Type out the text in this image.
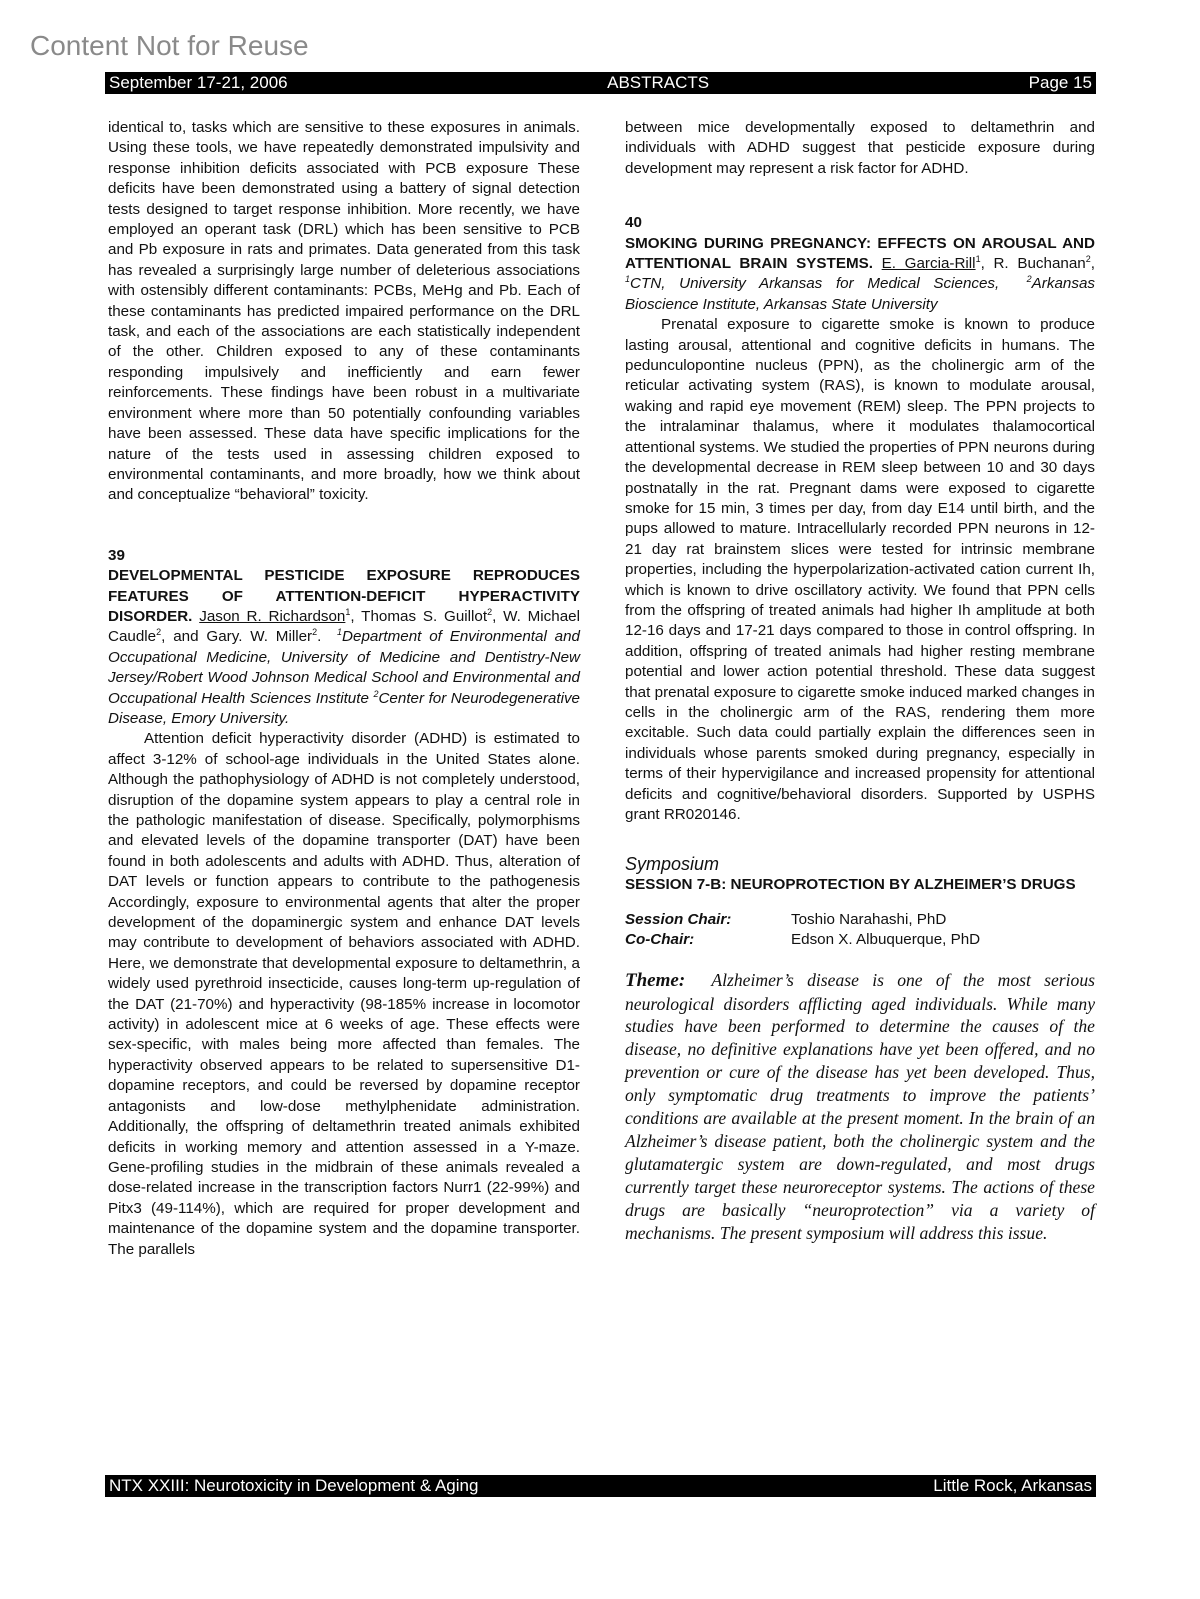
Content Not for Reuse
September 17-21, 2006	ABSTRACTS	Page 15

identical to, tasks which are sensitive to these exposures in animals. Using these tools, we have repeatedly demonstrated impulsivity and response inhibition deficits associated with PCB exposure These deficits have been demonstrated using a battery of signal detection tests designed to target response inhibition. More recently, we have employed an operant task (DRL) which has been sensitive to PCB and Pb exposure in rats and primates. Data generated from this task has revealed a surprisingly large number of deleterious associations with ostensibly different contaminants: PCBs, MeHg and Pb. Each of these contaminants has predicted impaired performance on the DRL task, and each of the associations are each statistically independent of the other. Children exposed to any of these contaminants responding impulsively and inefficiently and earn fewer reinforcements. These findings have been robust in a multivariate environment where more than 50 potentially confounding variables have been assessed. These data have specific implications for the nature of the tests used in assessing children exposed to environmental contaminants, and more broadly, how we think about and conceptualize “behavioral” toxicity.

39

DEVELOPMENTAL PESTICIDE EXPOSURE REPRODUCES FEATURES OF ATTENTION-DEFICIT HYPERACTIVITY DISORDER. Jason R. Richardson$^1$, Thomas S. Guillot$^2$, W. Michael Caudle$^2$, and Gary. W. Miller$^2$.  $^1$Department of Environmental and Occupational Medicine, University of Medicine and Dentistry-New Jersey/Robert Wood Johnson Medical School and Environmental and Occupational Health Sciences Institute $^2$Center for Neurodegenerative Disease, Emory University.

Attention deficit hyperactivity disorder (ADHD) is estimated to affect 3-12% of school-age individuals in the United States alone. Although the pathophysiology of ADHD is not completely understood, disruption of the dopamine system appears to play a central role in the pathologic manifestation of disease. Specifically, polymorphisms and elevated levels of the dopamine transporter (DAT) have been found in both adolescents and adults with ADHD. Thus, alteration of DAT levels or function appears to contribute to the pathogenesis Accordingly, exposure to environmental agents that alter the proper development of the dopaminergic system and enhance DAT levels may contribute to development of behaviors associated with ADHD. Here, we demonstrate that developmental exposure to deltamethrin, a widely used pyrethroid insecticide, causes long-term up-regulation of the DAT (21-70%) and hyperactivity (98-185% increase in locomotor activity) in adolescent mice at 6 weeks of age. These effects were sex-specific, with males being more affected than females. The hyperactivity observed appears to be related to supersensitive D1-dopamine receptors, and could be reversed by dopamine receptor antagonists and low-dose methylphenidate administration. Additionally, the offspring of deltamethrin treated animals exhibited deficits in working memory and attention assessed in a Y-maze. Gene-profiling studies in the midbrain of these animals revealed a dose-related increase in the transcription factors Nurr1 (22-99%) and Pitx3 (49-114%), which are required for proper development and maintenance of the dopamine system and the dopamine transporter. The parallels

between mice developmentally exposed to deltamethrin and individuals with ADHD suggest that pesticide exposure during development may represent a risk factor for ADHD.

40

SMOKING DURING PREGNANCY: EFFECTS ON AROUSAL AND ATTENTIONAL BRAIN SYSTEMS. E. Garcia-Rill$^1$, R. Buchanan$^2$, $^1$CTN, University Arkansas for Medical Sciences,	$^2$Arkansas Bioscience Institute, Arkansas State University

Prenatal exposure to cigarette smoke is known to produce lasting arousal, attentional and cognitive deficits in humans. The pedunculopontine nucleus (PPN), as the cholinergic arm of the reticular activating system (RAS), is known to modulate arousal, waking and rapid eye movement (REM) sleep. The PPN projects to the intralaminar thalamus, where it modulates thalamocortical attentional systems. We studied the properties of PPN neurons during the developmental decrease in REM sleep between 10 and 30 days postnatally in the rat. Pregnant dams were exposed to cigarette smoke for 15 min, 3 times per day, from day E14 until birth, and the pups allowed to mature. Intracellularly recorded PPN neurons in 12-21 day rat brainstem slices were tested for intrinsic membrane properties, including the hyperpolarization-activated cation current Ih, which is known to drive oscillatory activity. We found that PPN cells from the offspring of treated animals had higher Ih amplitude at both 12-16 days and 17-21 days compared to those in control offspring. In addition, offspring of treated animals had higher resting membrane potential and lower action potential threshold. These data suggest that prenatal exposure to cigarette smoke induced marked changes in cells in the cholinergic arm of the RAS, rendering them more excitable. Such data could partially explain the differences seen in individuals whose parents smoked during pregnancy, especially in terms of their hypervigilance and increased propensity for attentional deficits and cognitive/behavioral disorders. Supported by USPHS grant RR020146.

Symposium

SESSION 7-B: NEUROPROTECTION BY ALZHEIMER’S DRUGS

Session Chair:	Toshio Narahashi, PhD
Co-Chair:	Edson X. Albuquerque, PhD

Theme: Alzheimer’s disease is one of the most serious neurological disorders afflicting aged individuals. While many studies have been performed to determine the causes of the disease, no definitive explanations have yet been offered, and no prevention or cure of the disease has yet been developed. Thus, only symptomatic drug treatments to improve the patients’ conditions are available at the present moment. In the brain of an Alzheimer’s disease patient, both the cholinergic system and the glutamatergic system are down-regulated, and most drugs currently target these neuroreceptor systems. The actions of these drugs are basically “neuroprotection” via a variety of mechanisms. The present symposium will address this issue.

NTX XXIII: Neurotoxicity in Development & Aging	Little Rock, Arkansas
